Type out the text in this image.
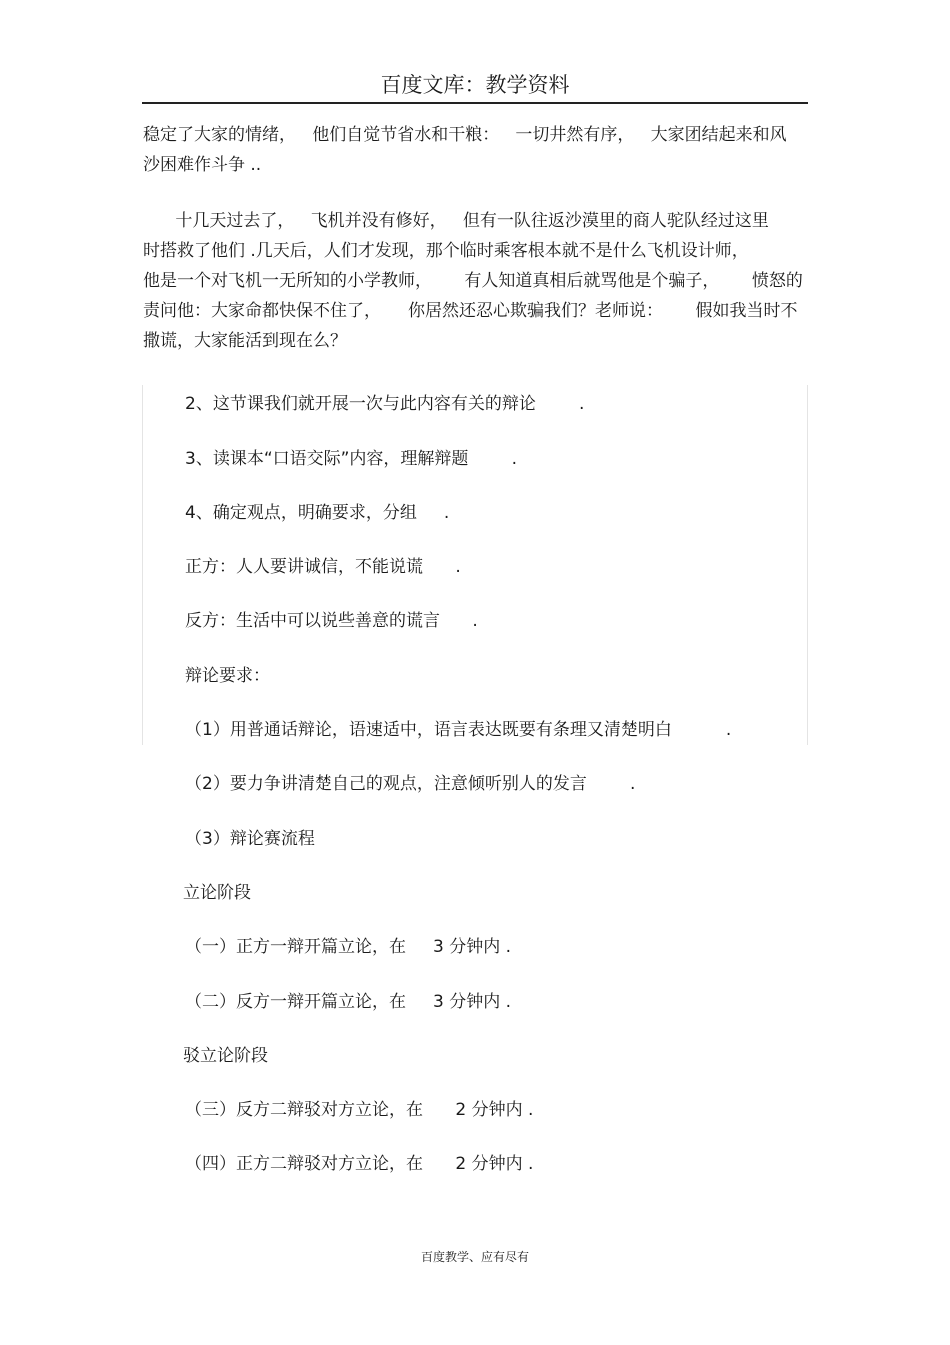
百度文库：教学资料
稳定了大家的情绪，   他们自觉节省水和干粮：   一切井然有序，   大家团结起来和风
沙困难作斗争 ..
十几天过去了，   飞机并没有修好，   但有一队往返沙漠里的商人驼队经过这里
时搭救了他们 .几天后，人们才发现，那个临时乘客根本就不是什么飞机设计师，
他是一个对飞机一无所知的小学教师，      有人知道真相后就骂他是个骗子，      愤怒的
责问他：大家命都快保不住了，     你居然还忍心欺骗我们？老师说：      假如我当时不
撒谎，大家能活到现在么？

2、这节课我们就开展一次与此内容有关的辩论        .

3、读课本“口语交际”内容，理解辩题        .

4、确定观点，明确要求，分组     .

正方：人人要讲诚信，不能说谎      .

反方：生活中可以说些善意的谎言      .

辩论要求：

（1）用普通话辩论，语速适中，语言表达既要有条理又清楚明白          .

（2）要力争讲清楚自己的观点，注意倾听别人的发言        .

（3）辩论赛流程

立论阶段

（一）正方一辩开篇立论，在     3 分钟内 .

（二）反方一辩开篇立论，在     3 分钟内 .

驳立论阶段

（三）反方二辩驳对方立论，在      2 分钟内 .

（四）正方二辩驳对方立论，在      2 分钟内 .

百度教学、应有尽有
